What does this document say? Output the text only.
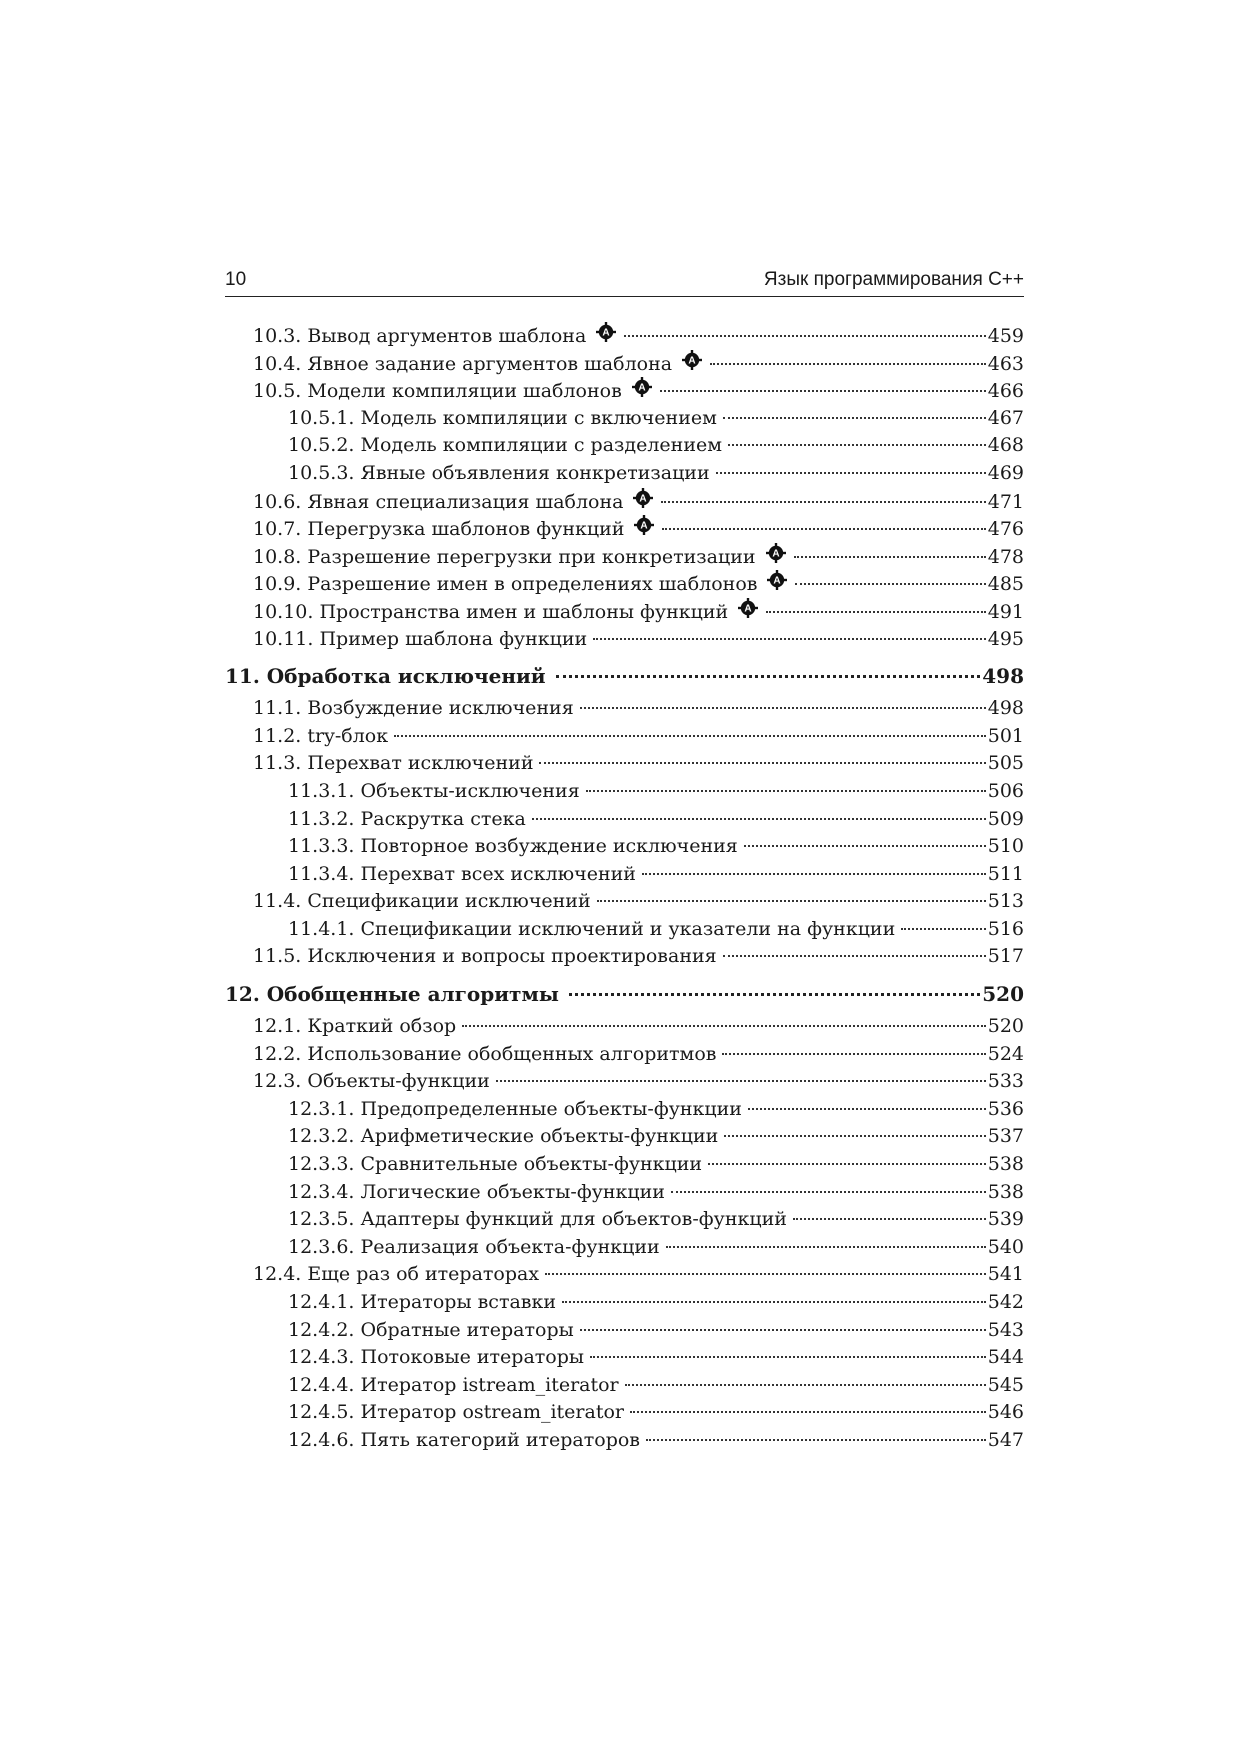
10	Язык программирования С++
10.3. Вывод аргументов шаблона A	459
10.4. Явное задание аргументов шаблона A	463
10.5. Модели компиляции шаблонов A	466
10.5.1. Модель компиляции с включением	467
10.5.2. Модель компиляции с разделением	468
10.5.3. Явные объявления конкретизации	469
10.6. Явная специализация шаблона A	471
10.7. Перегрузка шаблонов функций A	476
10.8. Разрешение перегрузки при конкретизации A	478
10.9. Разрешение имен в определениях шаблонов A	485
10.10. Пространства имен и шаблоны функций A	491
10.11. Пример шаблона функции	495
11. Обработка исключений	498
11.1. Возбуждение исключения	498
11.2. try-блок	501
11.3. Перехват исключений	505
11.3.1. Объекты-исключения	506
11.3.2. Раскрутка стека	509
11.3.3. Повторное возбуждение исключения	510
11.3.4. Перехват всех исключений	511
11.4. Спецификации исключений	513
11.4.1. Спецификации исключений и указатели на функции	516
11.5. Исключения и вопросы проектирования	517
12. Обобщенные алгоритмы	520
12.1. Краткий обзор	520
12.2. Использование обобщенных алгоритмов	524
12.3. Объекты-функции	533
12.3.1. Предопределенные объекты-функции	536
12.3.2. Арифметические объекты-функции	537
12.3.3. Сравнительные объекты-функции	538
12.3.4. Логические объекты-функции	538
12.3.5. Адаптеры функций для объектов-функций	539
12.3.6. Реализация объекта-функции	540
12.4. Еще раз об итераторах	541
12.4.1. Итераторы вставки	542
12.4.2. Обратные итераторы	543
12.4.3. Потоковые итераторы	544
12.4.4. Итератор istream_iterator	545
12.4.5. Итератор ostream_iterator	546
12.4.6. Пять категорий итераторов	547
